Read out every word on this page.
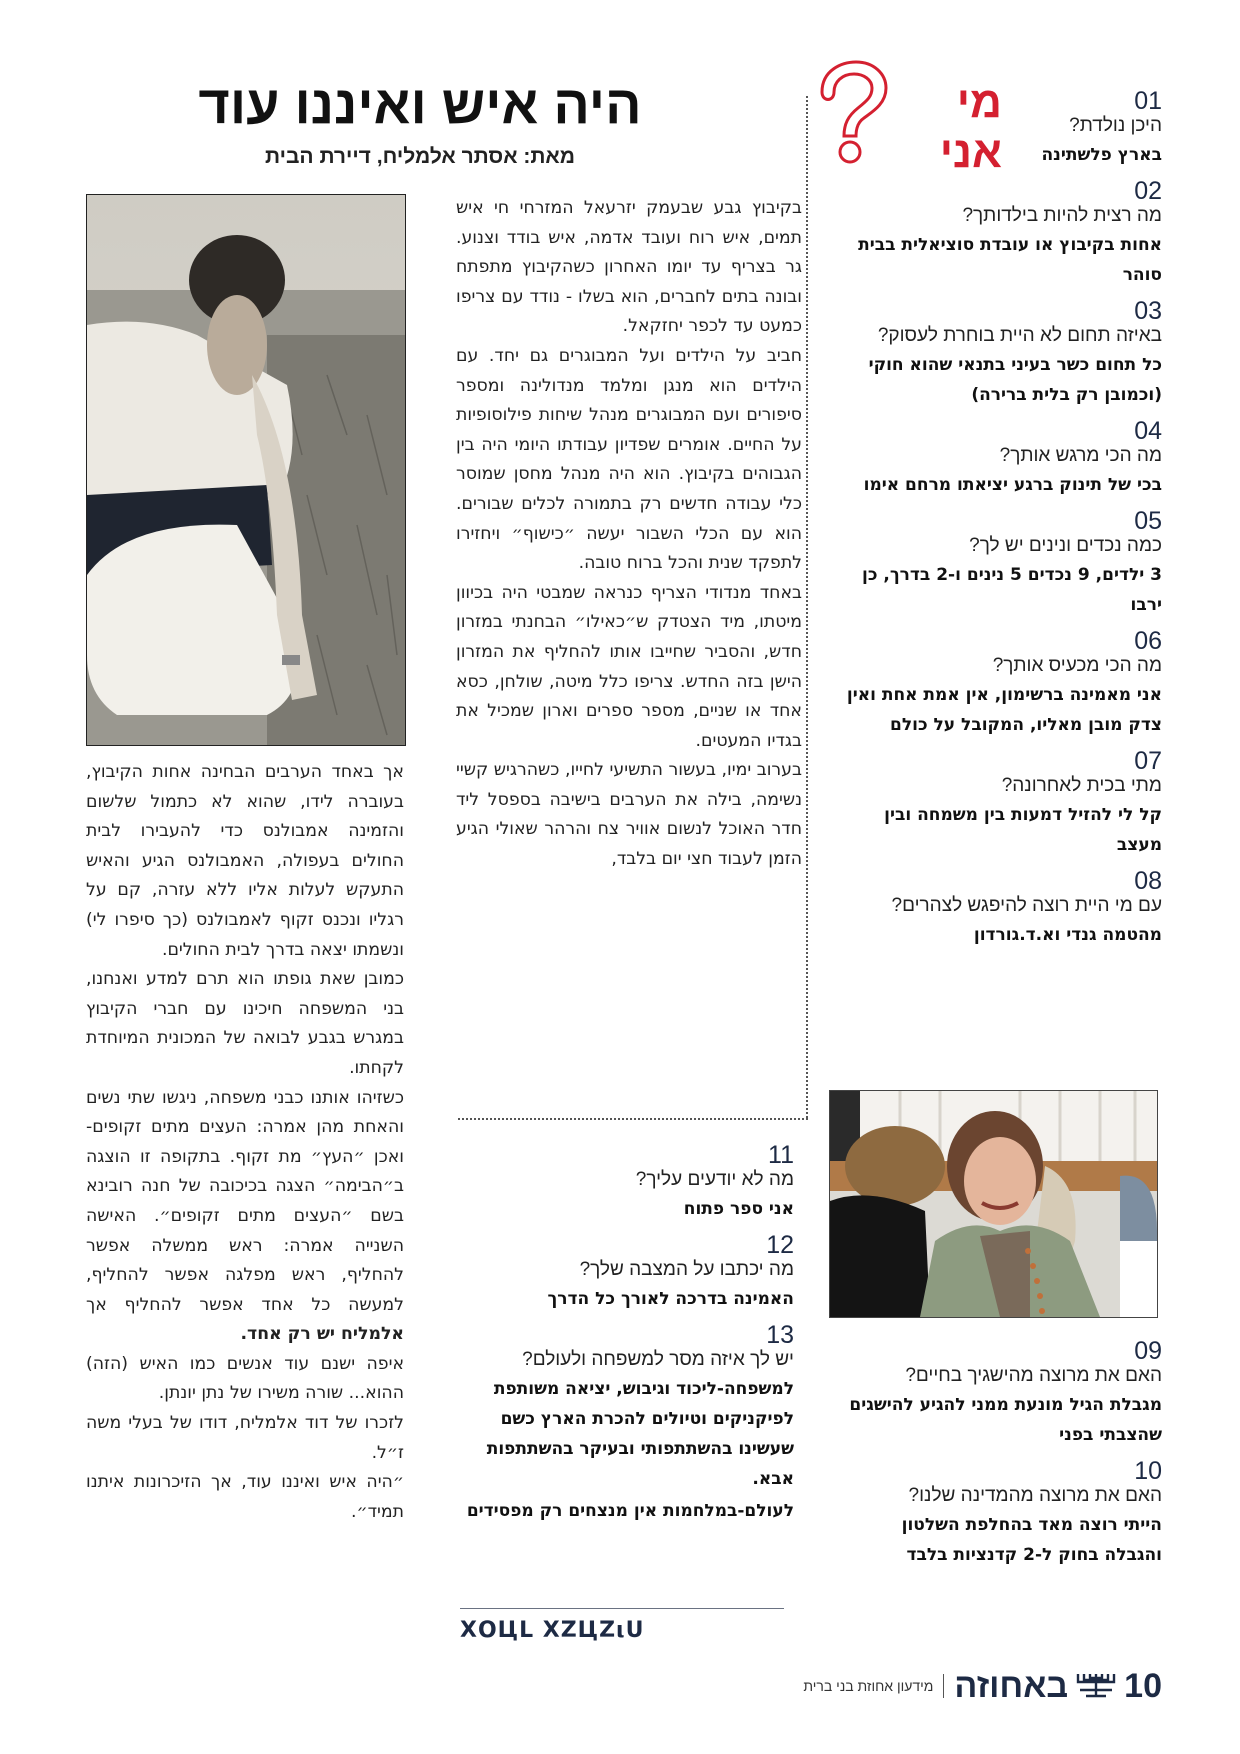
היה איש ואיננו עוד
מאת: אסתר אלמליח, דיירת הבית
מי אני
01
היכן נולדת?
בארץ פלשתינה
02
מה רצית להיות בילדותך?
אחות בקיבוץ או עובדת סוציאלית בבית סוהר
03
באיזה תחום לא היית בוחרת לעסוק?
כל תחום כשר בעיני בתנאי שהוא חוקי (וכמובן רק בלית ברירה)
04
מה הכי מרגש אותך?
בכי של תינוק ברגע יציאתו מרחם אימו
05
כמה נכדים ונינים יש לך?
3 ילדים, 9 נכדים 5 נינים ו-2 בדרך, כן ירבו
06
מה הכי מכעיס אותך?
אני מאמינה ברשימון, אין אמת אחת ואין צדק מובן מאליו, המקובל על כולם
07
מתי בכית לאחרונה?
קל לי להזיל דמעות בין משמחה ובין מעצב
08
עם מי היית רוצה להיפגש לצהרים?
מהטמה גנדי וא.ד.גורדון
09
האם את מרוצה מהישגיך בחיים?
מגבלת הגיל מונעת ממני להגיע להישגים שהצבתי בפני
10
האם את מרוצה מהמדינה שלנו?
הייתי רוצה מאד בהחלפת השלטון והגבלה בחוק ל-2 קדנציות בלבד

בקיבוץ גבע שבעמק יזרעאל המזרחי חי איש תמים, איש רוח ועובד אדמה, איש בודד וצנוע. גר בצריף עד יומו האחרון כשהקיבוץ מתפתח ובונה בתים לחברים, הוא בשלו - נודד עם צריפו כמעט עד לכפר יחזקאל.

חביב על הילדים ועל המבוגרים גם יחד. עם הילדים הוא מנגן ומלמד מנדולינה ומספר סיפורים ועם המבוגרים מנהל שיחות פילוסופיות על החיים. אומרים שפדיון עבודתו היומי היה בין הגבוהים בקיבוץ. הוא היה מנהל מחסן שמוסר כלי עבודה חדשים רק בתמורה לכלים שבורים. הוא עם הכלי השבור יעשה ״כישוף״ ויחזירו לתפקד שנית והכל ברוח טובה.

באחד מנדודי הצריף כנראה שמבטי היה בכיוון מיטתו, מיד הצטדק ש״כאילו״ הבחנתי במזרון חדש, והסביר שחייבו אותו להחליף את המזרון הישן בזה החדש. צריפו כלל מיטה, שולחן, כסא אחד או שניים, מספר ספרים וארון שמכיל את בגדיו המעטים.

בערוב ימיו, בעשור התשיעי לחייו, כשהרגיש קשיי נשימה, בילה את הערבים בישיבה בספסל ליד חדר האוכל לנשום אוויר צח והרהר שאולי הגיע הזמן לעבוד חצי יום בלבד,

אך באחד הערבים הבחינה אחות הקיבוץ, בעוברה לידו, שהוא לא כתמול שלשום והזמינה אמבולנס כדי להעבירו לבית החולים בעפולה, האמבולנס הגיע והאיש התעקש לעלות אליו ללא עזרה, קם על רגליו ונכנס זקוף לאמבולנס (כך סיפרו לי) ונשמתו יצאה בדרך לבית החולים.

כמובן שאת גופתו הוא תרם למדע ואנחנו, בני המשפחה חיכינו עם חברי הקיבוץ במגרש בגבע לבואה של המכונית המיוחדת לקחתו.

כשזיהו אותנו כבני משפחה, ניגשו שתי נשים והאחת מהן אמרה: העצים מתים זקופים- ואכן ״העץ״ מת זקוף. בתקופה זו הוצגה ב״הבימה״ הצגה בכיכובה של חנה רובינא בשם ״העצים מתים זקופים״. האישה השנייה אמרה: ראש ממשלה אפשר להחליף, ראש מפלגה אפשר להחליף, למעשה כל אחד אפשר להחליף אך אלמליח יש רק אחד.

איפה ישנם עוד אנשים כמו האיש (הזה) ההוא... שורה משירו של נתן יונתן.

לזכרו של דוד אלמליח, דודו של בעלי משה ז״ל.

״היה איש ואיננו עוד, אך הזיכרונות איתנו תמיד״.

11
מה לא יודעים עליך?
אני ספר פתוח
12
מה יכתבו על המצבה שלך?
האמינה בדרכה לאורך כל הדרך
13
יש לך איזה מסר למשפחה ולעולם?
למשפחה-ליכוד וגיבוש, יציאה משותפת לפיקניקים וטיולים להכרת הארץ כשם שעשינו בהשתתפותי ובעיקר בהשתתפות אבא.
לעולם-במלחמות אין מנצחים רק מפסידים
ΧΟЦL ΧΖЦΖιU
מידעון אחוזת בני ברית באחוזה 10
